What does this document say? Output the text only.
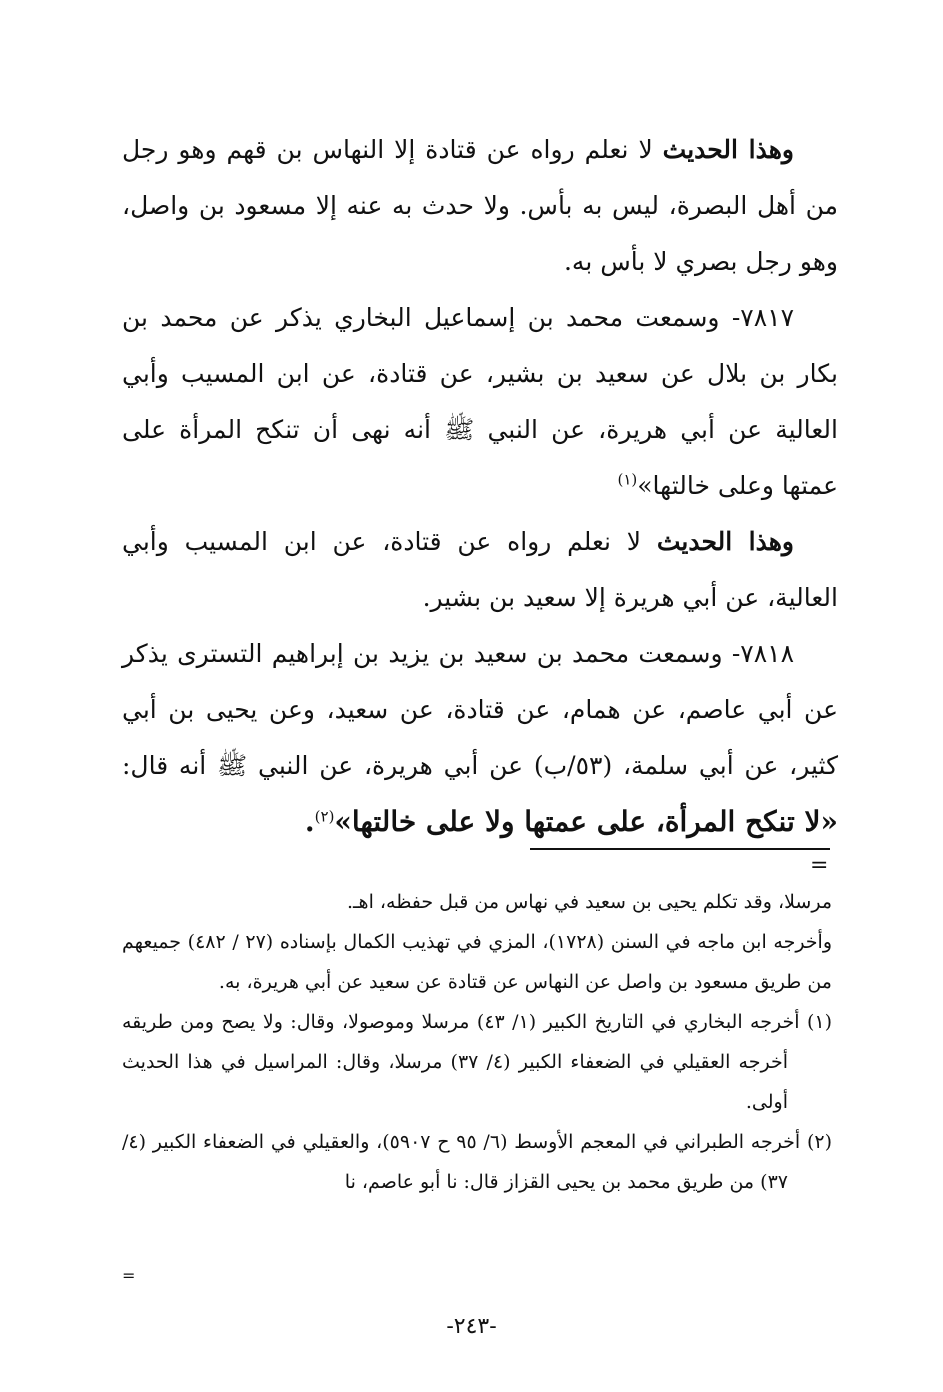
وهذا الحديث لا نعلم رواه عن قتادة إلا النهاس بن قهم وهو رجل من أهل البصرة، ليس به بأس. ولا حدث به عنه إلا مسعود بن واصل، وهو رجل بصري لا بأس به.

٧٨١٧- وسمعت محمد بن إسماعيل البخاري يذكر عن محمد بن بكار بن بلال عن سعيد بن بشير، عن قتادة، عن ابن المسيب وأبي العالية عن أبي هريرة، عن النبي ﷺ أنه نهى أن تنكح المرأة على عمتها وعلى خالتها»$^{(١)}$

وهذا الحديث لا نعلم رواه عن قتادة، عن ابن المسيب وأبي العالية، عن أبي هريرة إلا سعيد بن بشير.

٧٨١٨- وسمعت محمد بن سعيد بن يزيد بن إبراهيم التسترى يذكر عن أبي عاصم، عن همام، عن قتادة، عن سعيد، وعن يحيى بن أبي كثير، عن أبي سلمة، (٥٣/ب) عن أبي هريرة، عن النبي ﷺ أنه قال: «لا تنكح المرأة، على عمتها ولا على خالتها»$^{(٢)}$.

=

مرسلا، وقد تكلم يحيى بن سعيد في نهاس من قبل حفظه، اهـ.

وأخرجه ابن ماجه في السنن (١٧٢٨)، المزي في تهذيب الكمال بإسناده (٢٧ / ٤٨٢) جميعهم من طريق مسعود بن واصل عن النهاس عن قتادة عن سعيد عن أبي هريرة، به.

(١) أخرجه البخاري في التاريخ الكبير (١/ ٤٣) مرسلا وموصولا، وقال: ولا يصح ومن طريقه أخرجه العقيلي في الضعفاء الكبير (٤/ ٣٧) مرسلا، وقال: المراسيل في هذا الحديث أولى.

(٢) أخرجه الطبراني في المعجم الأوسط (٦/ ٩٥ ح ٥٩٠٧)، والعقيلي في الضعفاء الكبير (٤/ ٣٧) من طريق محمد بن يحيى القزاز قال: نا أبو عاصم، نا

=
-٢٤٣-
